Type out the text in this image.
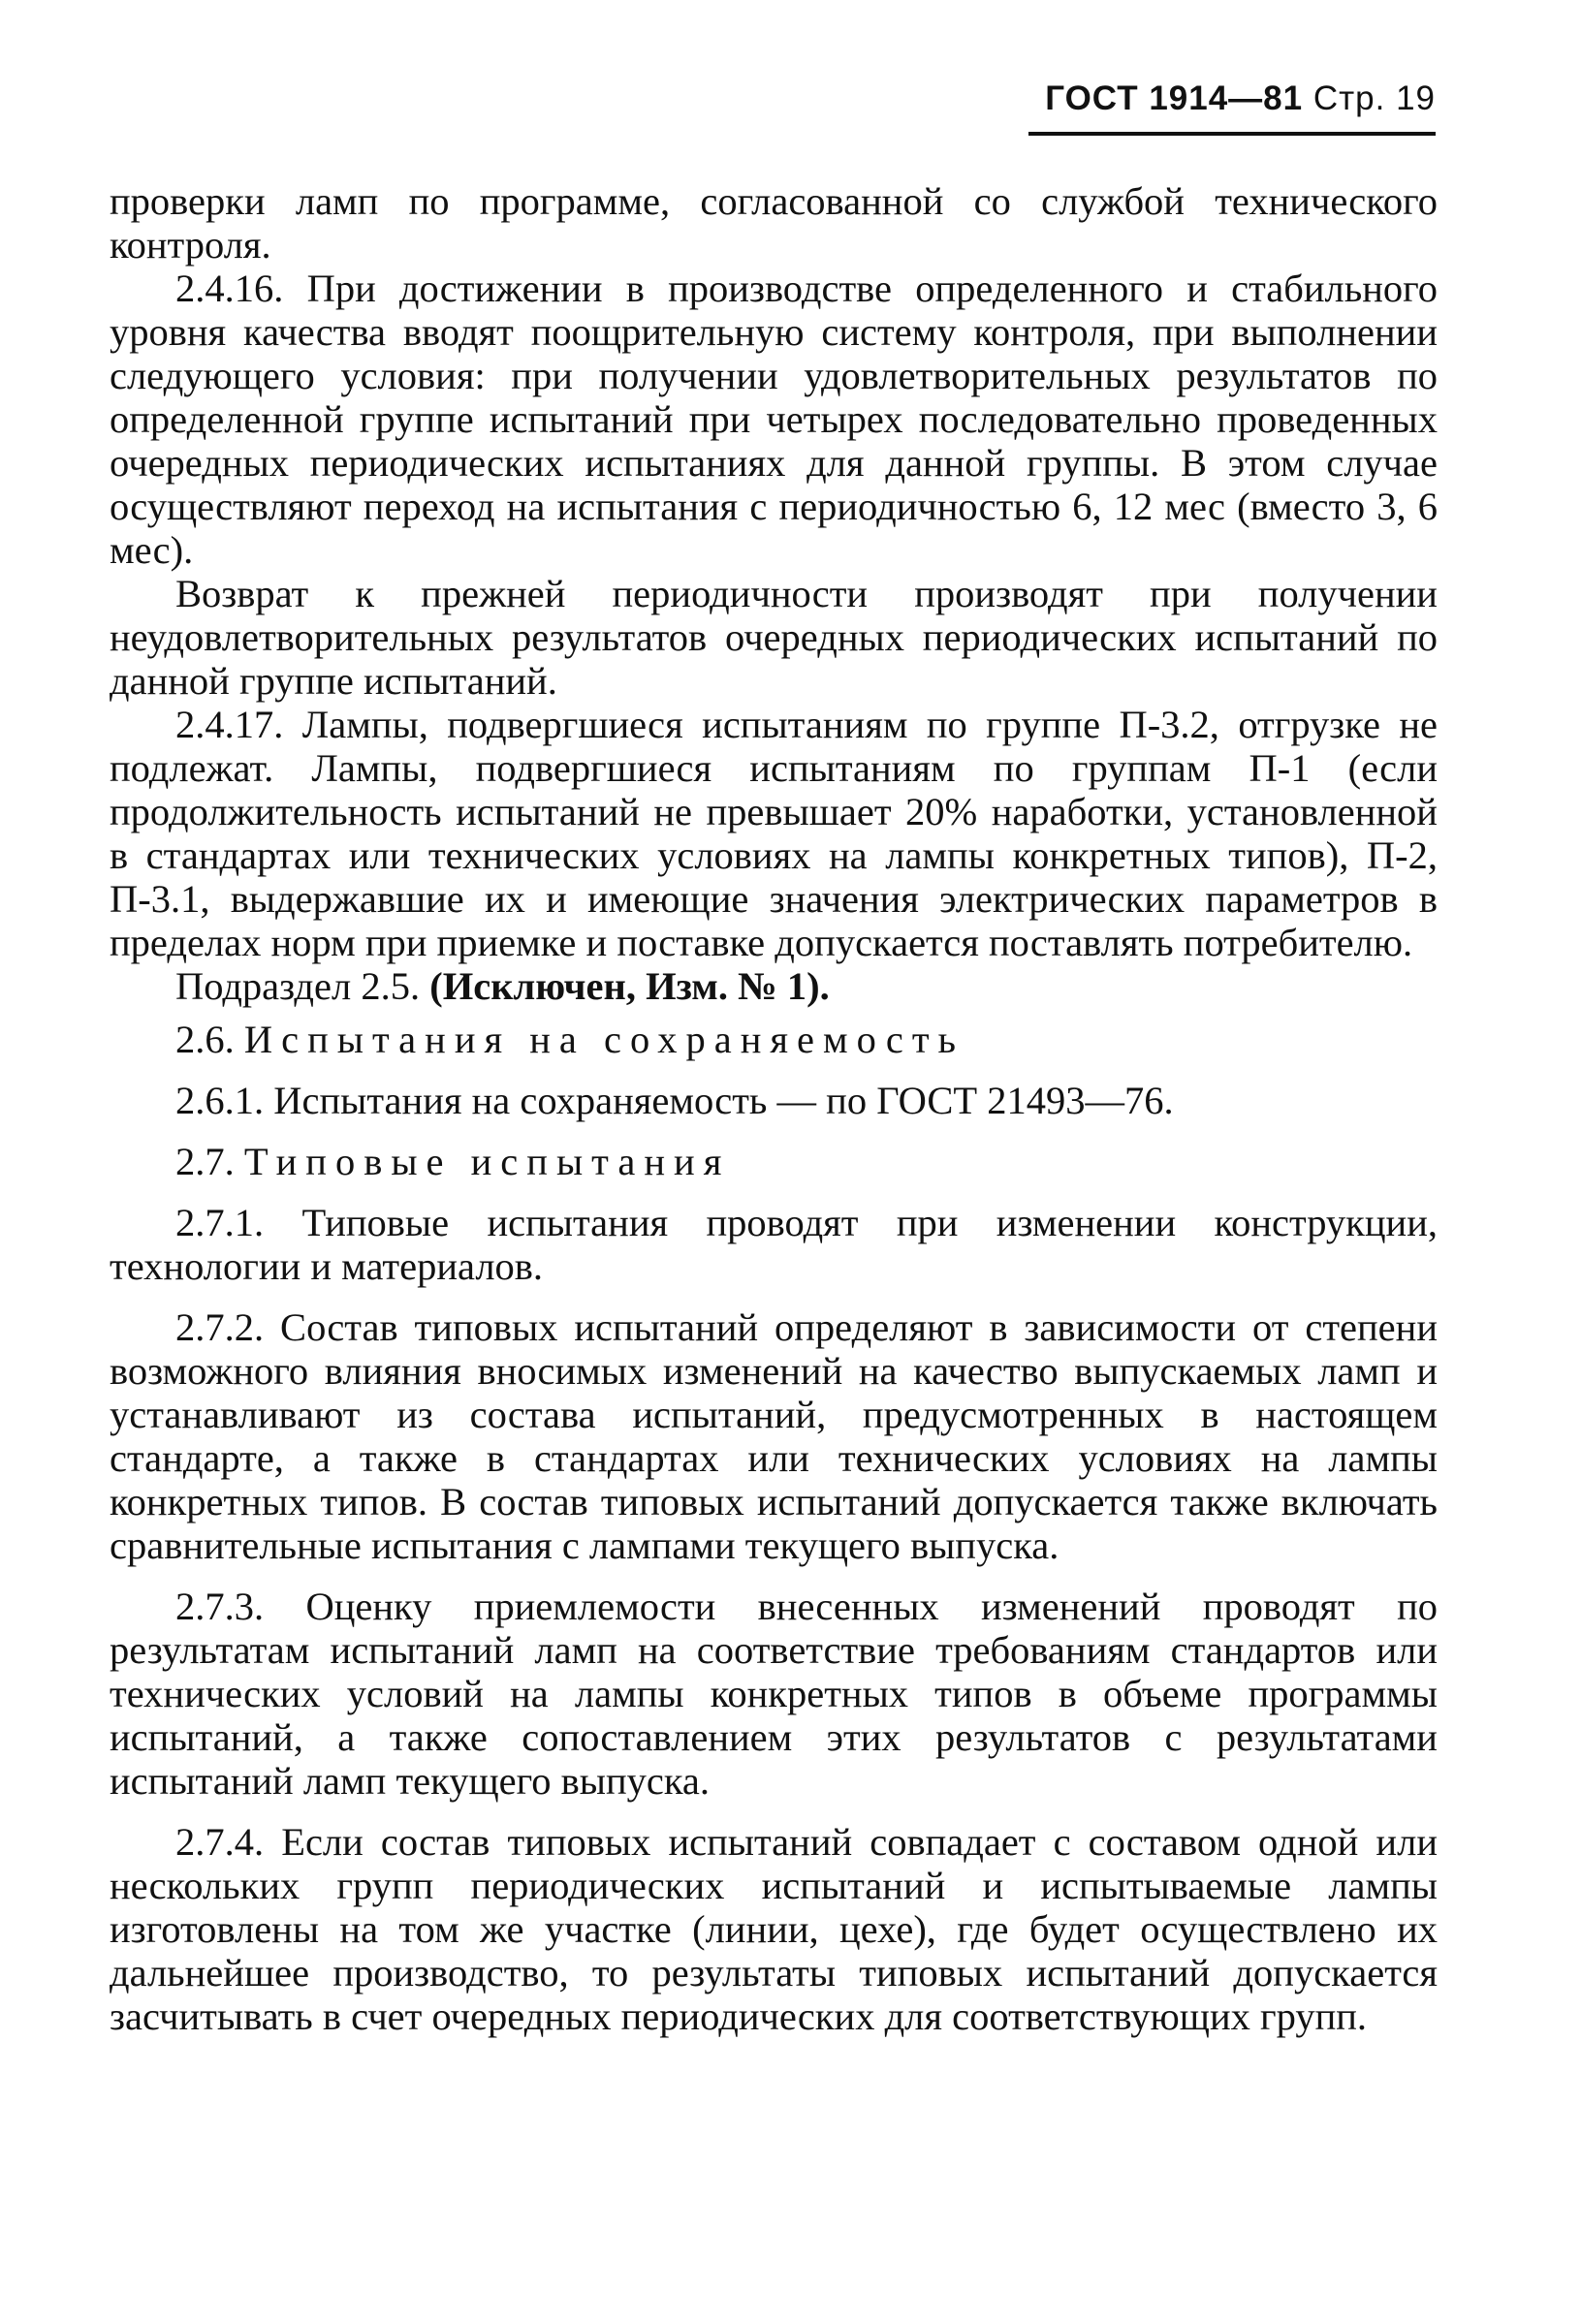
ГОСТ 1914—81 Стр. 19

проверки ламп по программе, согласованной со службой технического контроля.

2.4.16. При достижении в производстве определенного и стабильного уровня качества вводят поощрительную систему контроля, при выполнении следующего условия: при получении удовлетворительных результатов по определенной группе испытаний при четырех последовательно проведенных очередных периодических испытаниях для данной группы. В этом случае осуществляют переход на испытания с периодичностью 6, 12 мес (вместо 3, 6 мес).

Возврат к прежней периодичности производят при получении неудовлетворительных результатов очередных периодических испытаний по данной группе испытаний.

2.4.17. Лампы, подвергшиеся испытаниям по группе П-3.2, отгрузке не подлежат. Лампы, подвергшиеся испытаниям по группам П-1 (если продолжительность испытаний не превышает 20% наработки, установленной в стандартах или технических условиях на лампы конкретных типов), П-2, П-3.1, выдержавшие их и имеющие значения электрических параметров в пределах норм при приемке и поставке допускается поставлять потребителю.

Подраздел 2.5. (Исключен, Изм. № 1).

2.6. Испытания на сохраняемость

2.6.1. Испытания на сохраняемость — по ГОСТ 21493—76.

2.7. Типовые испытания

2.7.1. Типовые испытания проводят при изменении конструкции, технологии и материалов.

2.7.2. Состав типовых испытаний определяют в зависимости от степени возможного влияния вносимых изменений на качество выпускаемых ламп и устанавливают из состава испытаний, предусмотренных в настоящем стандарте, а также в стандартах или технических условиях на лампы конкретных типов. В состав типовых испытаний допускается также включать сравнительные испытания с лампами текущего выпуска.

2.7.3. Оценку приемлемости внесенных изменений проводят по результатам испытаний ламп на соответствие требованиям стандартов или технических условий на лампы конкретных типов в объеме программы испытаний, а также сопоставлением этих результатов с результатами испытаний ламп текущего выпуска.

2.7.4. Если состав типовых испытаний совпадает с составом одной или нескольких групп периодических испытаний и испытываемые лампы изготовлены на том же участке (линии, цехе), где будет осуществлено их дальнейшее производство, то результаты типовых испытаний допускается засчитывать в счет очередных периодических для соответствующих групп.
